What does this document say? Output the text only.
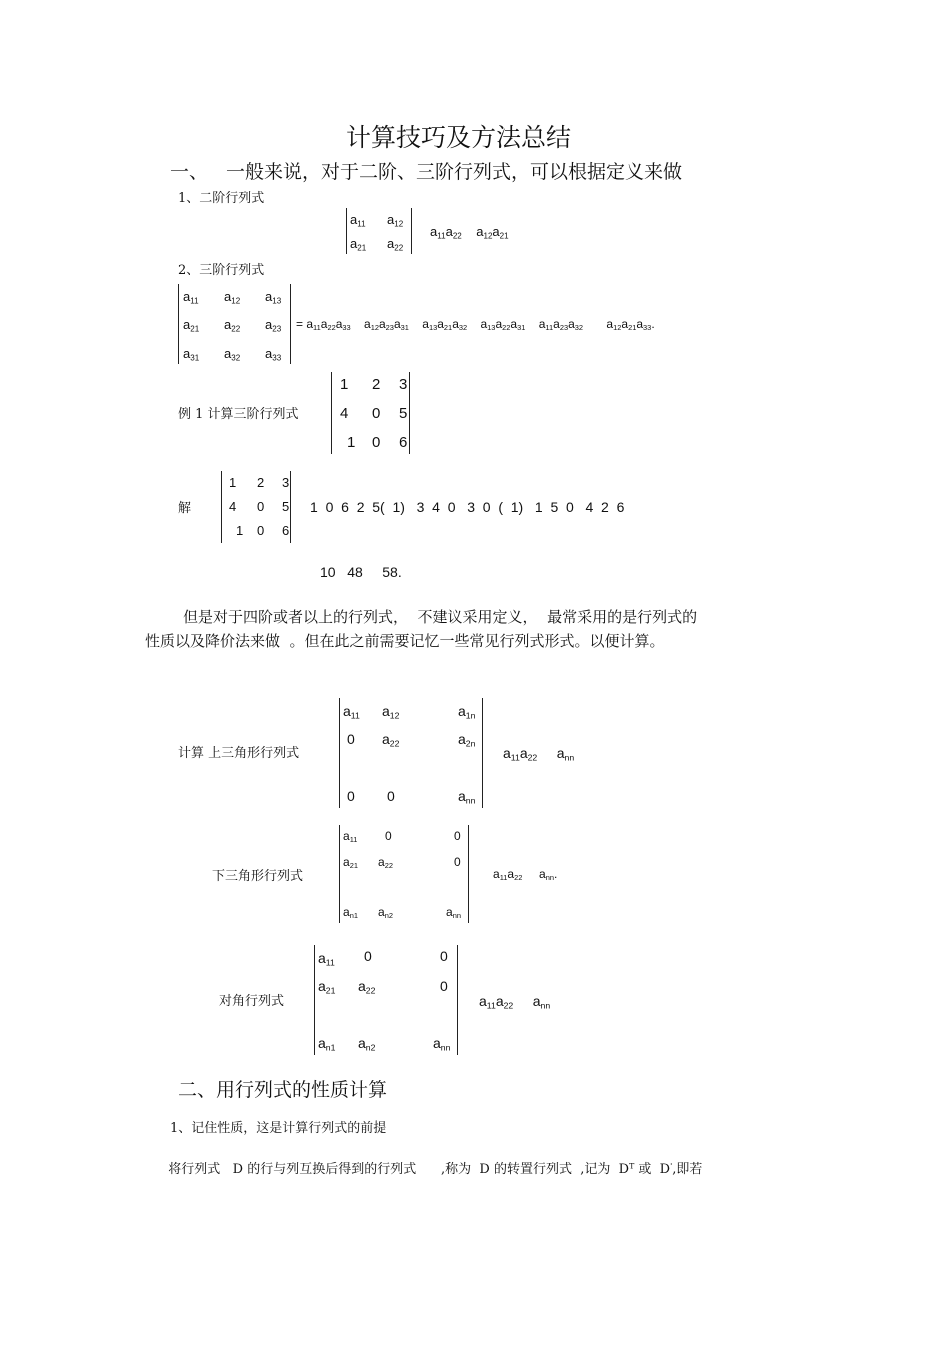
计算技巧及方法总结
一、 一般来说，对于二阶、三阶行列式，可以根据定义来做
1、二阶行列式
$a_{11}$ $a_{12}$
$a_{21}$ $a_{22}$
$a_{11}a_{22}$    $a_{12}a_{21}$
2、三阶行列式
$a_{11}$ $a_{12}$ $a_{13}$
$a_{21}$ $a_{22}$ $a_{23}$
$a_{31}$ $a_{32}$ $a_{33}$
= $a_{11}a_{22}a_{33}$    $a_{12}a_{23}a_{31}$    $a_{13}a_{21}a_{32}$    $a_{13}a_{22}a_{31}$    $a_{11}a_{23}a_{32}$       $a_{12}a_{21}a_{33}$.
例 1 计算三阶行列式
1 2 3
4 0 5
1 0 6
解
1 2 3
4 0 5
1 0 6
1  0  6  2  5(  1)   3  4  0   3  0  (  1)   1  5  0   4  2  6
10   48     58.
但是对于四阶或者以上的行列式，  不建议采用定义，  最常采用的是行列式的
性质以及降价法来做  。但在此之前需要记忆一些常见行列式形式。以便计算。
计算 上三角形行列式
$a_{11}$ $a_{12}$	$a_{1n}$
0 $a_{22}$	$a_{2n}$
0 0	$a_{nn}$
$a_{11}a_{22}$     $a_{nn}$
下三角形行列式
$a_{11}$ 0	0
$a_{21}$ $a_{22}$	0
$a_{n1}$ $a_{n2}$	$a_{nn}$
$a_{11}a_{22}$     $a_{nn}$.
对角行列式
$a_{11}$ 0	0
$a_{21}$ $a_{22}$	0
$a_{n1}$ $a_{n2}$	$a_{nn}$
$a_{11}a_{22}$     $a_{nn}$
二、用行列式的性质计算
1、记住性质，这是计算行列式的前提

将行列式   D 的行与列互换后得到的行列式 ,称为  D 的转置行列式  ,记为  $D^T$ 或  D',即若
